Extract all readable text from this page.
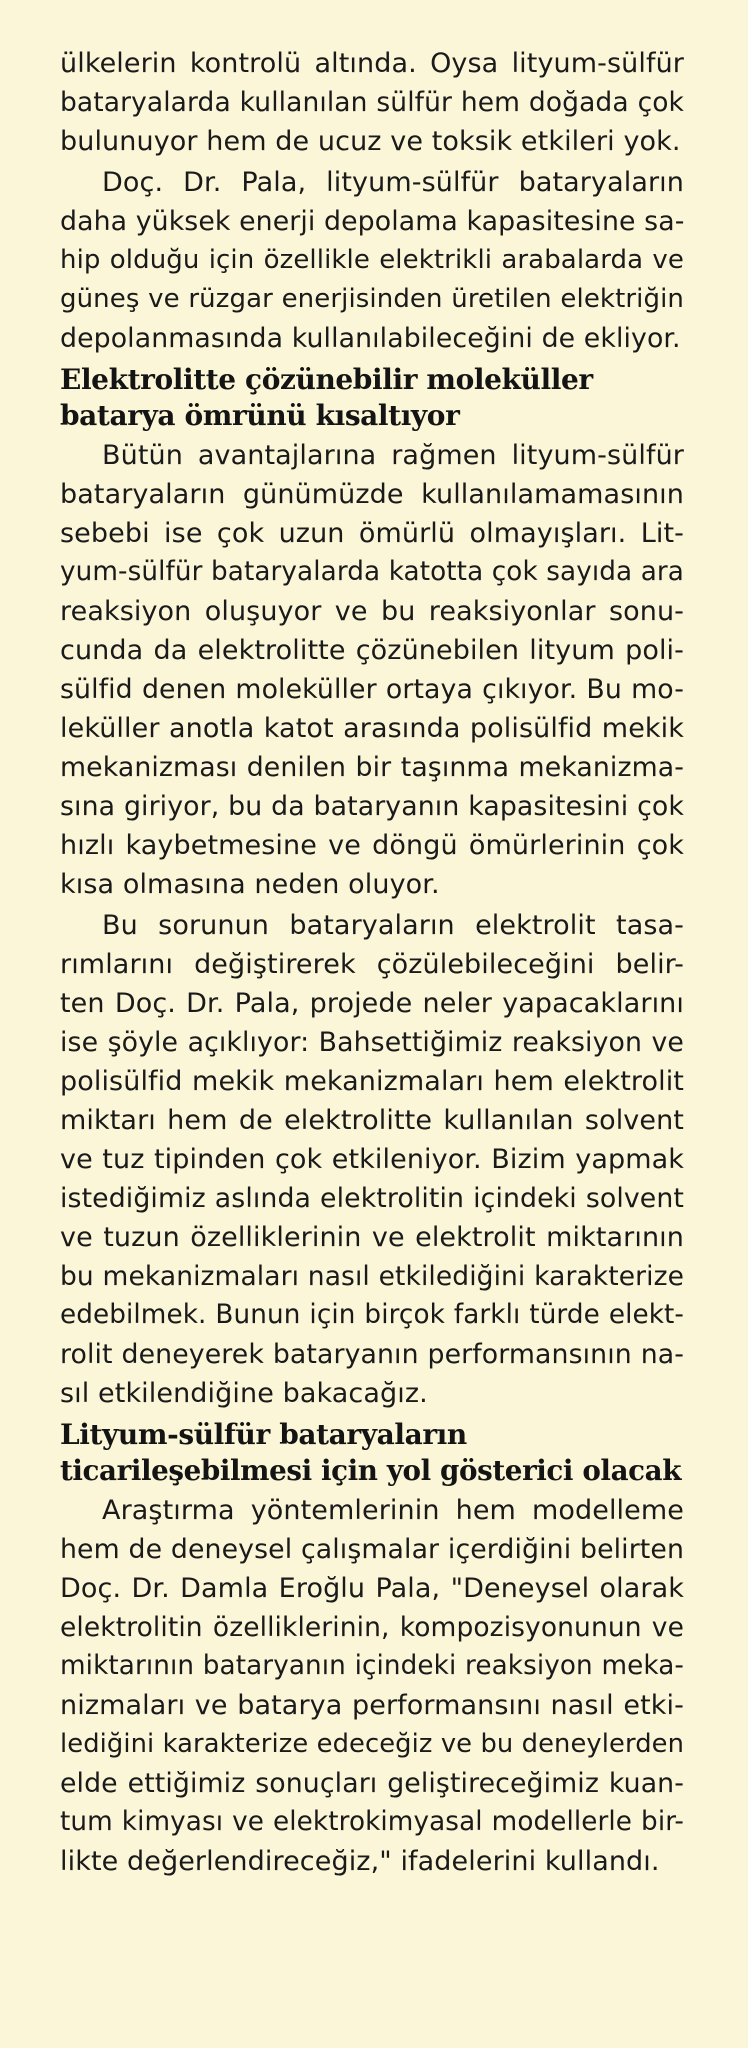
ülkelerin kontrolü altında. Oysa lityum-sülfür
bataryalarda kullanılan sülfür hem doğada çok
bulunuyor hem de ucuz ve toksik etkileri yok.
Doç. Dr. Pala, lityum-sülfür bataryaların
daha yüksek enerji depolama kapasitesine sa-
hip olduğu için özellikle elektrikli arabalarda ve
güneş ve rüzgar enerjisinden üretilen elektriğin
depolanmasında kullanılabileceğini de ekliyor.
Elektrolitte çözünebilir moleküller
batarya ömrünü kısaltıyor
Bütün avantajlarına rağmen lityum-sülfür
bataryaların günümüzde kullanılamamasının
sebebi ise çok uzun ömürlü olmayışları. Lit-
yum-sülfür bataryalarda katotta çok sayıda ara
reaksiyon oluşuyor ve bu reaksiyonlar sonu-
cunda da elektrolitte çözünebilen lityum poli-
sülfid denen moleküller ortaya çıkıyor. Bu mo-
leküller anotla katot arasında polisülfid mekik
mekanizması denilen bir taşınma mekanizma-
sına giriyor, bu da bataryanın kapasitesini çok
hızlı kaybetmesine ve döngü ömürlerinin çok
kısa olmasına neden oluyor.
Bu sorunun bataryaların elektrolit tasa-
rımlarını değiştirerek çözülebileceğini belir-
ten Doç. Dr. Pala, projede neler yapacaklarını
ise şöyle açıklıyor: Bahsettiğimiz reaksiyon ve
polisülfid mekik mekanizmaları hem elektrolit
miktarı hem de elektrolitte kullanılan solvent
ve tuz tipinden çok etkileniyor. Bizim yapmak
istediğimiz aslında elektrolitin içindeki solvent
ve tuzun özelliklerinin ve elektrolit miktarının
bu mekanizmaları nasıl etkilediğini karakterize
edebilmek. Bunun için birçok farklı türde elekt-
rolit deneyerek bataryanın performansının na-
sıl etkilendiğine bakacağız.
Lityum-sülfür bataryaların
ticarileşebilmesi için yol gösterici olacak
Araştırma yöntemlerinin hem modelleme
hem de deneysel çalışmalar içerdiğini belirten
Doç. Dr. Damla Eroğlu Pala, "Deneysel olarak
elektrolitin özelliklerinin, kompozisyonunun ve
miktarının bataryanın içindeki reaksiyon meka-
nizmaları ve batarya performansını nasıl etki-
lediğini karakterize edeceğiz ve bu deneylerden
elde ettiğimiz sonuçları geliştireceğimiz kuan-
tum kimyası ve elektrokimyasal modellerle bir-
likte değerlendireceğiz," ifadelerini kullandı.
